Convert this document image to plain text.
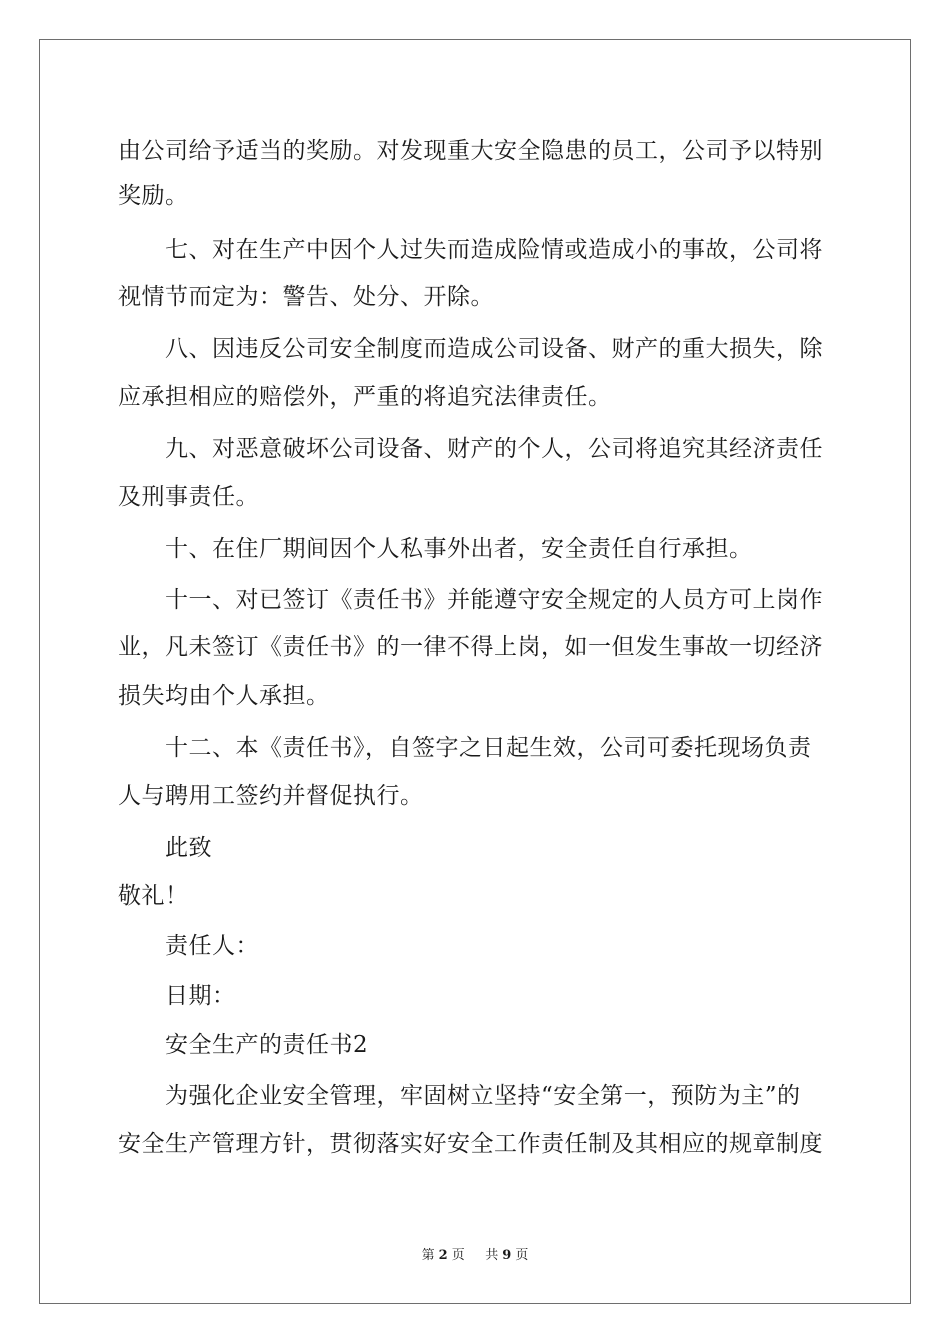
由公司给予适当的奖励。对发现重大安全隐患的员工，公司予以特别
奖励。
七、对在生产中因个人过失而造成险情或造成小的事故，公司将
视情节而定为：警告、处分、开除。
八、因违反公司安全制度而造成公司设备、财产的重大损失，除
应承担相应的赔偿外，严重的将追究法律责任。
九、对恶意破坏公司设备、财产的个人，公司将追究其经济责任
及刑事责任。
十、在住厂期间因个人私事外出者，安全责任自行承担。
十一、对已签订《责任书》并能遵守安全规定的人员方可上岗作
业，凡未签订《责任书》的一律不得上岗，如一但发生事故一切经济
损失均由个人承担。
十二、本《责任书》，自签字之日起生效，公司可委托现场负责
人与聘用工签约并督促执行。
此致
敬礼！
责任人：
日期：
安全生产的责任书2
为强化企业安全管理，牢固树立坚持“安全第一，预防为主”的
安全生产管理方针，贯彻落实好安全工作责任制及其相应的规章制度
第 2 页 共 9 页
